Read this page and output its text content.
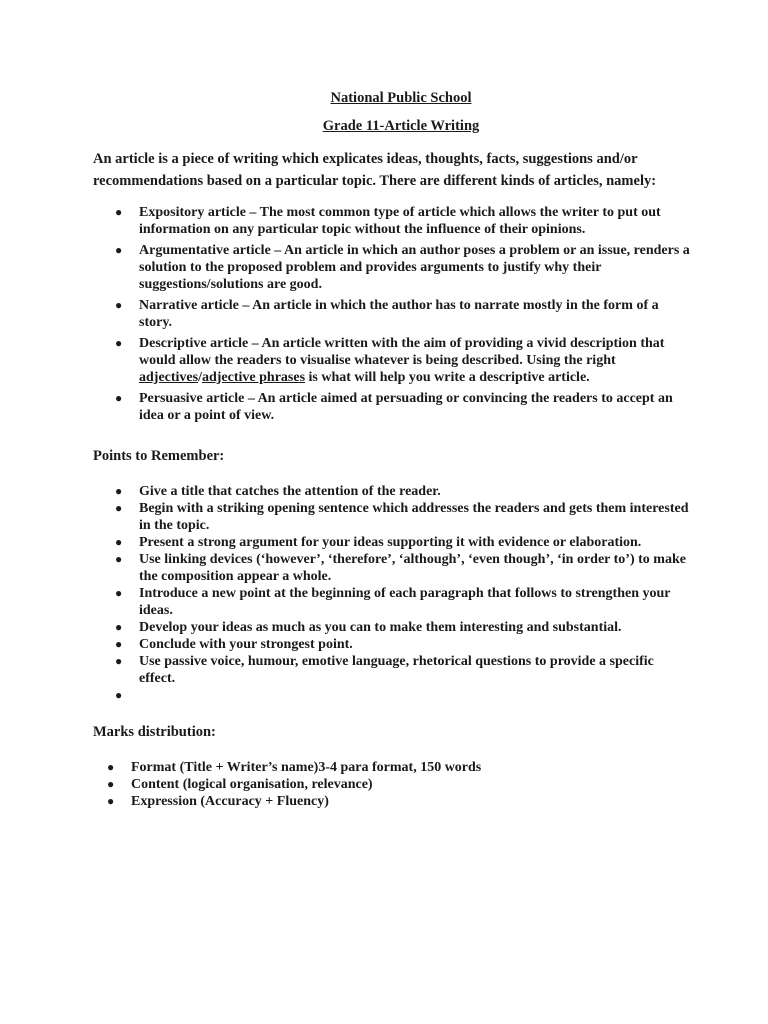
National Public School

Grade 11-Article Writing

An article is a piece of writing which explicates ideas, thoughts, facts, suggestions and/or recommendations based on a particular topic. There are different kinds of articles, namely:

● Expository article – The most common type of article which allows the writer to put out information on any particular topic without the influence of their opinions.
● Argumentative article – An article in which an author poses a problem or an issue, renders a solution to the proposed problem and provides arguments to justify why their suggestions/solutions are good.
● Narrative article – An article in which the author has to narrate mostly in the form of a story.
● Descriptive article – An article written with the aim of providing a vivid description that would allow the readers to visualise whatever is being described. Using the right adjectives/adjective phrases is what will help you write a descriptive article.
● Persuasive article – An article aimed at persuading or convincing the readers to accept an idea or a point of view.

Points to Remember:

● Give a title that catches the attention of the reader.
● Begin with a striking opening sentence which addresses the readers and gets them interested in the topic.
● Present a strong argument for your ideas supporting it with evidence or elaboration.
● Use linking devices (‘however’, ‘therefore’, ‘although’, ‘even though’, ‘in order to’) to make the composition appear a whole.
● Introduce a new point at the beginning of each paragraph that follows to strengthen your ideas.
● Develop your ideas as much as you can to make them interesting and substantial.
● Conclude with your strongest point.
● Use passive voice, humour, emotive language, rhetorical questions to provide a specific effect.
●

Marks distribution:

● Format (Title + Writer’s name)3-4 para format, 150 words
● Content (logical organisation, relevance)
● Expression (Accuracy + Fluency)
